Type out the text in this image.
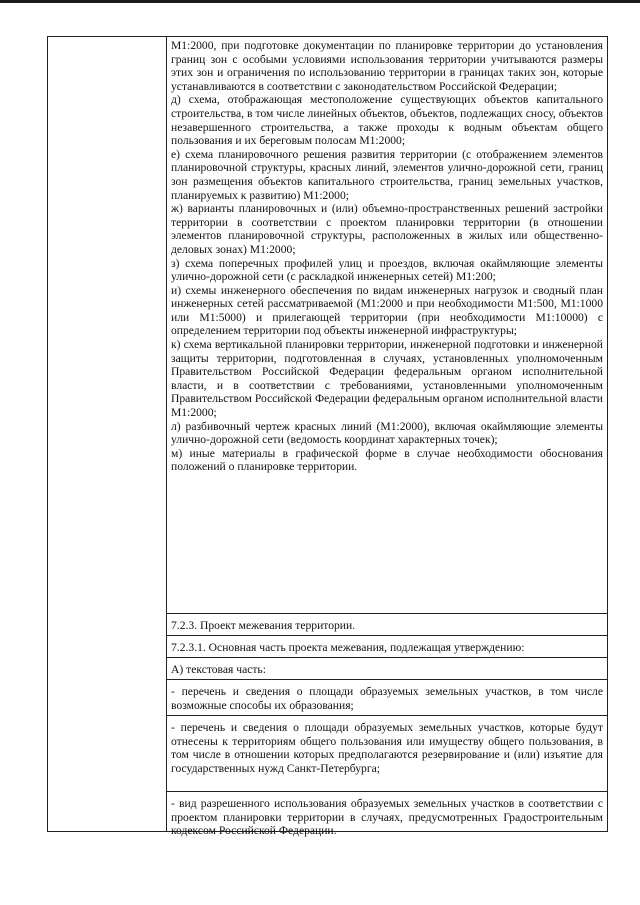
М1:2000, при подготовке документации по планировке территории до установления границ зон с особыми условиями использования территории учитываются размеры этих зон и ограничения по использованию территории в границах таких зон, которые устанавливаются в соответствии с законодательством Российской Федерации;

д) схема, отображающая местоположение существующих объектов капитального строительства, в том числе линейных объектов, объектов, подлежащих сносу, объектов незавершенного строительства, а также проходы к водным объектам общего пользования и их береговым полосам М1:2000;

е) схема планировочного решения развития территории (с отображением элементов планировочной структуры, красных линий, элементов улично-дорожной сети, границ зон размещения объектов капитального строительства, границ земельных участков, планируемых к развитию) М1:2000;

ж) варианты планировочных и (или) объемно-пространственных решений застройки территории в соответствии с проектом планировки территории (в отношении элементов планировочной структуры, расположенных в жилых или общественно-деловых зонах) М1:2000;

з) схема поперечных профилей улиц и проездов, включая окаймляющие элементы улично-дорожной сети (с раскладкой инженерных сетей) М1:200;

и) схемы инженерного обеспечения по видам инженерных нагрузок и сводный план инженерных сетей рассматриваемой (М1:2000 и при необходимости М1:500, М1:1000 или М1:5000) и прилегающей территории (при необходимости М1:10000) с определением территории под объекты инженерной инфраструктуры;

к) схема вертикальной планировки территории, инженерной подготовки и инженерной защиты территории, подготовленная в случаях, установленных уполномоченным Правительством Российской Федерации федеральным органом исполнительной власти, и в соответствии с требованиями, установленными уполномоченным Правительством Российской Федерации федеральным органом исполнительной власти М1:2000;

л) разбивочный чертеж красных линий (М1:2000), включая окаймляющие элементы улично-дорожной сети (ведомость координат характерных точек);

м) иные материалы в графической форме в случае необходимости обоснования положений о планировке территории.

7.2.3. Проект межевания территории.

7.2.3.1. Основная часть проекта межевания, подлежащая утверждению:

А) текстовая часть:

- перечень и сведения о площади образуемых земельных участков, в том числе возможные способы их образования;

- перечень и сведения о площади образуемых земельных участков, которые будут отнесены к территориям общего пользования или имуществу общего пользования, в том числе в отношении которых предполагаются резервирование и (или) изъятие для государственных нужд Санкт-Петербурга;

- вид разрешенного использования образуемых земельных участков в соответствии с проектом планировки территории в случаях, предусмотренных Градостроительным кодексом Российской Федерации.
